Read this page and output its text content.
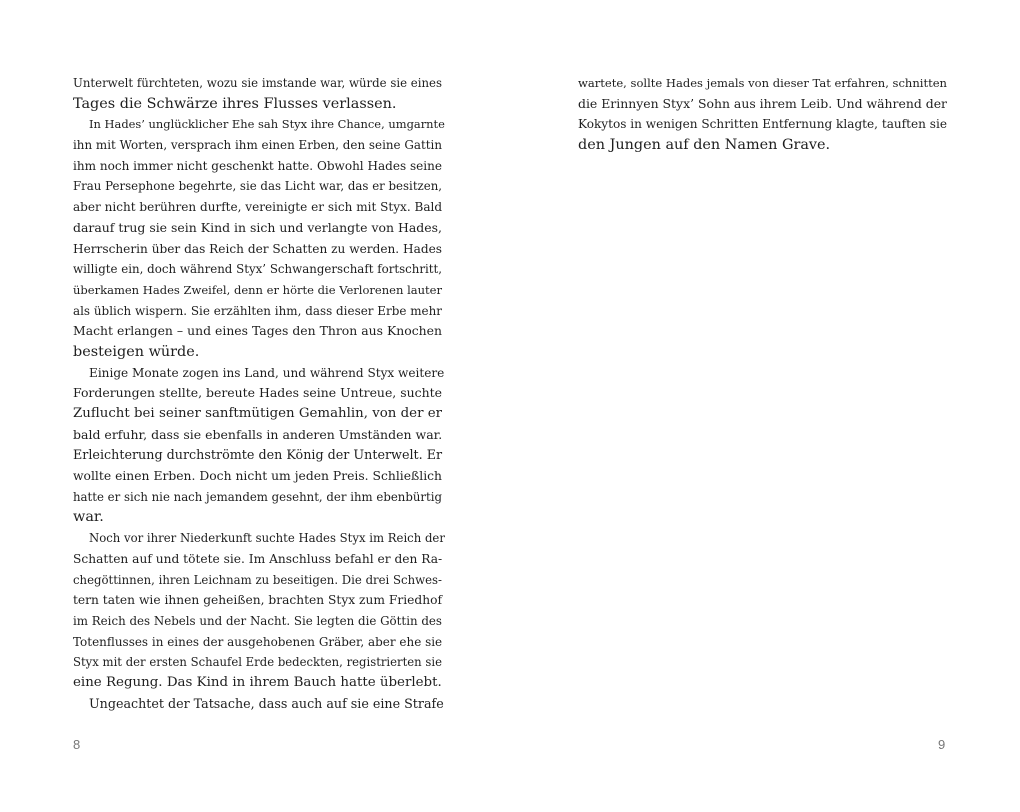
Unterwelt fürchteten, wozu sie imstande war, würde sie eines
Tages die Schwärze ihres Flusses verlassen.
In Hades’ unglücklicher Ehe sah Styx ihre Chance, umgarnte
ihn mit Worten, versprach ihm einen Erben, den seine Gattin
ihm noch immer nicht geschenkt hatte. Obwohl Hades seine
Frau Persephone begehrte, sie das Licht war, das er besitzen,
aber nicht berühren durfte, vereinigte er sich mit Styx. Bald
darauf trug sie sein Kind in sich und verlangte von Hades,
Herrscherin über das Reich der Schatten zu werden. Hades
willigte ein, doch während Styx’ Schwangerschaft fortschritt,
überkamen Hades Zweifel, denn er hörte die Verlorenen lauter
als üblich wispern. Sie erzählten ihm, dass dieser Erbe mehr
Macht erlangen – und eines Tages den Thron aus Knochen
besteigen würde.
Einige Monate zogen ins Land, und während Styx weitere
Forderungen stellte, bereute Hades seine Untreue, suchte
Zuflucht bei seiner sanftmütigen Gemahlin, von der er
bald erfuhr, dass sie ebenfalls in anderen Umständen war.
Erleichterung durchströmte den König der Unterwelt. Er
wollte einen Erben. Doch nicht um jeden Preis. Schließlich
hatte er sich nie nach jemandem gesehnt, der ihm ebenbürtig
war.
Noch vor ihrer Niederkunft suchte Hades Styx im Reich der
Schatten auf und tötete sie. Im Anschluss befahl er den Ra-
chegöttinnen, ihren Leichnam zu beseitigen. Die drei Schwes-
tern taten wie ihnen geheißen, brachten Styx zum Friedhof
im Reich des Nebels und der Nacht. Sie legten die Göttin des
Totenflusses in eines der ausgehobenen Gräber, aber ehe sie
Styx mit der ersten Schaufel Erde bedeckten, registrierten sie
eine Regung. Das Kind in ihrem Bauch hatte überlebt.
Ungeachtet der Tatsache, dass auch auf sie eine Strafe
8
wartete, sollte Hades jemals von dieser Tat erfahren, schnitten
die Erinnyen Styx’ Sohn aus ihrem Leib. Und während der
Kokytos in wenigen Schritten Entfernung klagte, tauften sie
den Jungen auf den Namen Grave.
9
